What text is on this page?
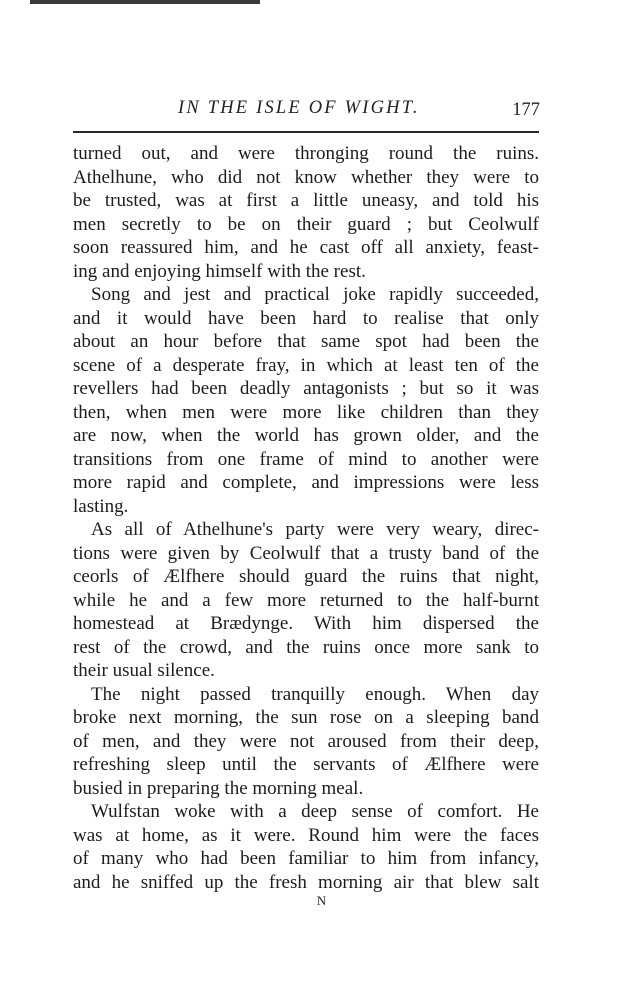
IN THE ISLE OF WIGHT.	177
turned out, and were thronging round the ruins.
Athelhune, who did not know whether they were to
be trusted, was at first a little uneasy, and told his
men secretly to be on their guard ; but Ceolwulf
soon reassured him, and he cast off all anxiety, feast-
ing and enjoying himself with the rest.
Song and jest and practical joke rapidly succeeded,
and it would have been hard to realise that only
about an hour before that same spot had been the
scene of a desperate fray, in which at least ten of the
revellers had been deadly antagonists ; but so it was
then, when men were more like children than they
are now, when the world has grown older, and the
transitions from one frame of mind to another were
more rapid and complete, and impressions were less
lasting.
As all of Athelhune's party were very weary, direc-
tions were given by Ceolwulf that a trusty band of the
ceorls of Ælfhere should guard the ruins that night,
while he and a few more returned to the half-burnt
homestead at Brædynge. With him dispersed the
rest of the crowd, and the ruins once more sank to
their usual silence.
The night passed tranquilly enough. When day
broke next morning, the sun rose on a sleeping band
of men, and they were not aroused from their deep,
refreshing sleep until the servants of Ælfhere were
busied in preparing the morning meal.
Wulfstan woke with a deep sense of comfort. He
was at home, as it were. Round him were the faces
of many who had been familiar to him from infancy,
and he sniffed up the fresh morning air that blew salt
N
